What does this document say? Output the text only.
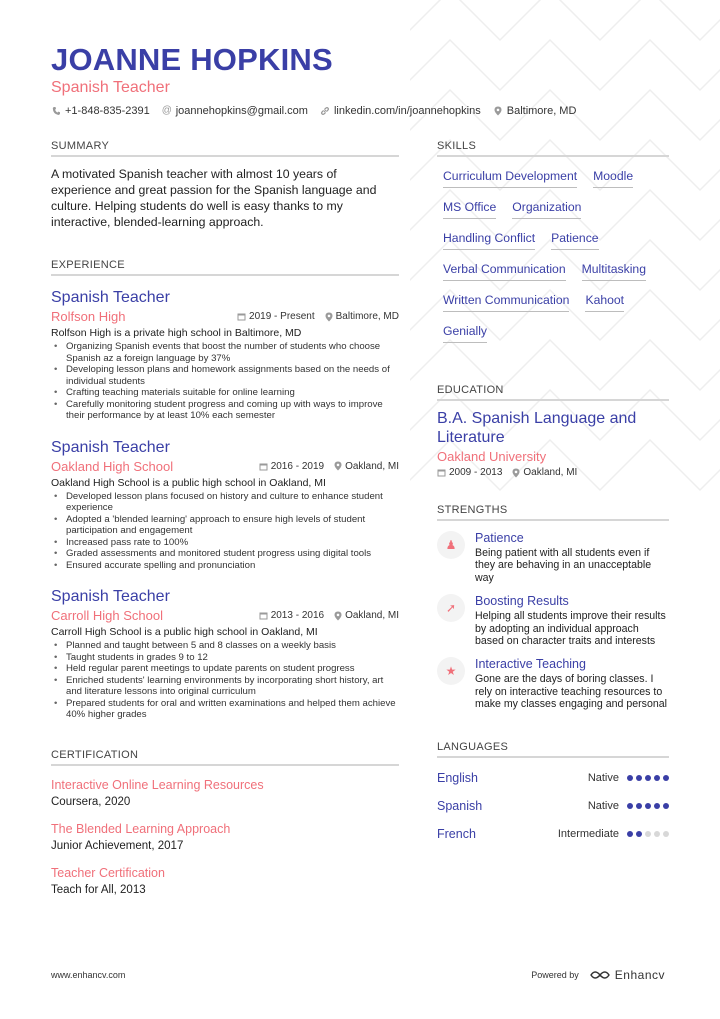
JOANNE HOPKINS
Spanish Teacher
+1-848-835-2391 @ joannehopkins@gmail.com linkedin.com/in/joannehopkins Baltimore, MD
SUMMARY
A motivated Spanish teacher with almost 10 years of experience and great passion for the Spanish language and culture. Helping students do well is easy thanks to my interactive, blended-learning approach.
EXPERIENCE
Spanish Teacher
Rolfson High	2019 - Present Baltimore, MD
Rolfson High is a private high school in Baltimore, MD
• Organizing Spanish events that boost the number of students who choose Spanish az a foreign language by 37%
• Developing lesson plans and homework assignments based on the needs of individual students
• Crafting teaching materials suitable for online learning
• Carefully monitoring student progress and coming up with ways to improve their performance by at least 10% each semester
Spanish Teacher
Oakland High School	2016 - 2019 Oakland, MI
Oakland High School is a public high school in Oakland, MI
• Developed lesson plans focused on history and culture to enhance student experience
• Adopted a 'blended learning' approach to ensure high levels of student participation and engagement
• Increased pass rate to 100%
• Graded assessments and monitored student progress using digital tools
• Ensured accurate spelling and pronunciation
Spanish Teacher
Carroll High School	2013 - 2016 Oakland, MI
Carroll High School is a public high school in Oakland, MI
• Planned and taught between 5 and 8 classes on a weekly basis
• Taught students in grades 9 to 12
• Held regular parent meetings to update parents on student progress
• Enriched students' learning environments by incorporating short history, art and literature lessons into original curriculum
• Prepared students for oral and written examinations and helped them achieve 40% higher grades
CERTIFICATION
Interactive Online Learning Resources
Coursera, 2020
The Blended Learning Approach
Junior Achievement, 2017
Teacher Certification
Teach for All, 2013
SKILLS
Curriculum Development Moodle
MS Office Organization
Handling Conflict Patience
Verbal Communication Multitasking
Written Communication Kahoot
Genially
EDUCATION
B.A. Spanish Language and Literature
Oakland University
2009 - 2013 Oakland, MI
STRENGTHS
♟	Patience
Being patient with all students even if they are behaving in an unacceptable way
➚	Boosting Results
Helping all students improve their results by adopting an individual approach based on character traits and interests
★	Interactive Teaching
Gone are the days of boring classes. I rely on interactive teaching resources to make my classes engaging and personal
LANGUAGES
English	Native
Spanish	Native
French	Intermediate
www.enhancv.com	Powered by	Enhancv
